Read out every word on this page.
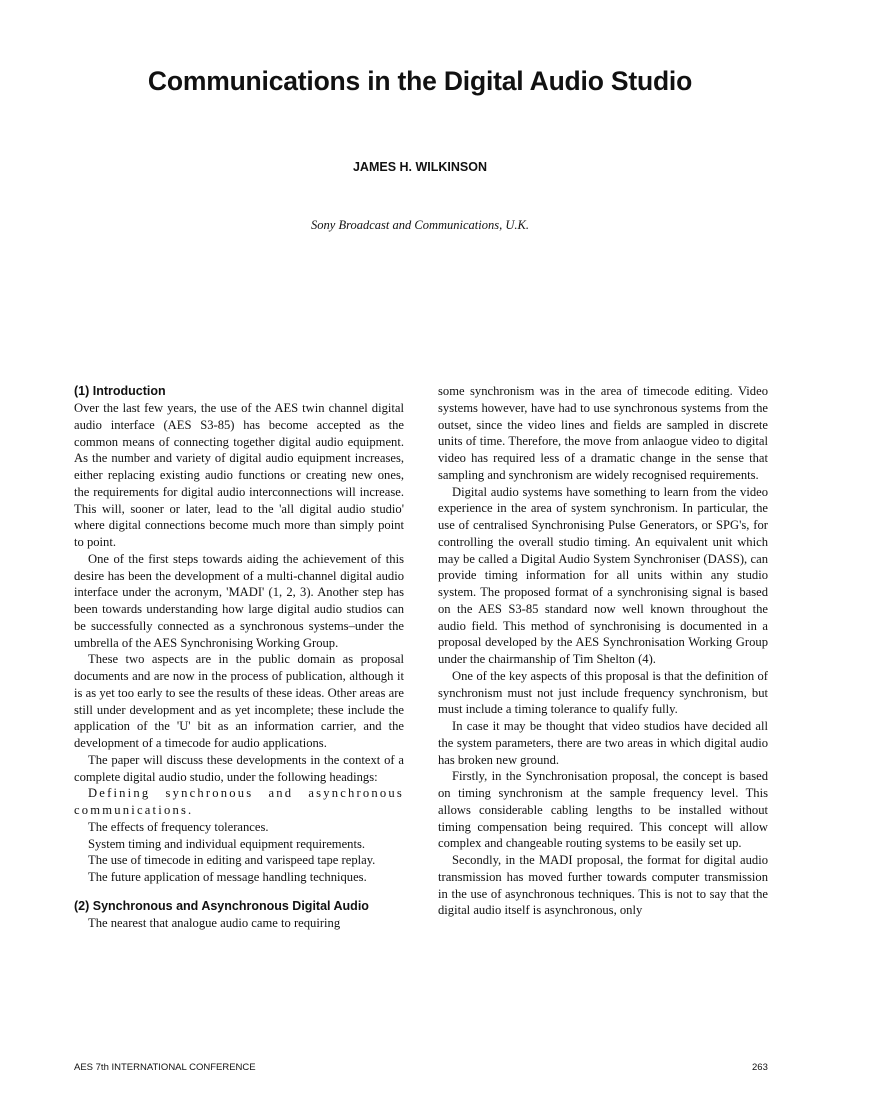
Communications in the Digital Audio Studio
JAMES H. WILKINSON
Sony Broadcast and Communications, U.K.
(1) Introduction

Over the last few years, the use of the AES twin channel digital audio interface (AES S3-85) has become accepted as the common means of connecting together digital audio equipment. As the number and variety of digital audio equipment increases, either replacing existing audio functions or creating new ones, the requirements for digital audio interconnections will increase. This will, sooner or later, lead to the 'all digital audio studio' where digital connections become much more than simply point to point.

One of the first steps towards aiding the achievement of this desire has been the development of a multi-channel digital audio interface under the acronym, 'MADI' (1, 2, 3). Another step has been towards understanding how large digital audio studios can be successfully connected as a synchronous systems–under the umbrella of the AES Synchronising Working Group.

These two aspects are in the public domain as proposal documents and are now in the process of publication, although it is as yet too early to see the results of these ideas. Other areas are still under development and as yet incomplete; these include the application of the 'U' bit as an information carrier, and the development of a timecode for audio applications.

The paper will discuss these developments in the context of a complete digital audio studio, under the following headings:

Defining synchronous and asynchronous communications.

The effects of frequency tolerances.

System timing and individual equipment requirements.

The use of timecode in editing and varispeed tape replay.

The future application of message handling techniques.

(2) Synchronous and Asynchronous Digital Audio

The nearest that analogue audio came to requiring

some synchronism was in the area of timecode editing. Video systems however, have had to use synchronous systems from the outset, since the video lines and fields are sampled in discrete units of time. Therefore, the move from anlaogue video to digital video has required less of a dramatic change in the sense that sampling and synchronism are widely recognised requirements.

Digital audio systems have something to learn from the video experience in the area of system synchronism. In particular, the use of centralised Synchronising Pulse Generators, or SPG's, for controlling the overall studio timing. An equivalent unit which may be called a Digital Audio System Synchroniser (DASS), can provide timing information for all units within any studio system. The proposed format of a synchronising signal is based on the AES S3-85 standard now well known throughout the audio field. This method of synchronising is documented in a proposal developed by the AES Synchronisation Working Group under the chairmanship of Tim Shelton (4).

One of the key aspects of this proposal is that the definition of synchronism must not just include frequency synchronism, but must include a timing tolerance to qualify fully.

In case it may be thought that video studios have decided all the system parameters, there are two areas in which digital audio has broken new ground.

Firstly, in the Synchronisation proposal, the concept is based on timing synchronism at the sample frequency level. This allows considerable cabling lengths to be installed without timing compensation being required. This concept will allow complex and changeable routing systems to be easily set up.

Secondly, in the MADI proposal, the format for digital audio transmission has moved further towards computer transmission in the use of asynchronous techniques. This is not to say that the digital audio itself is asynchronous, only

AES 7th INTERNATIONAL CONFERENCE	263
